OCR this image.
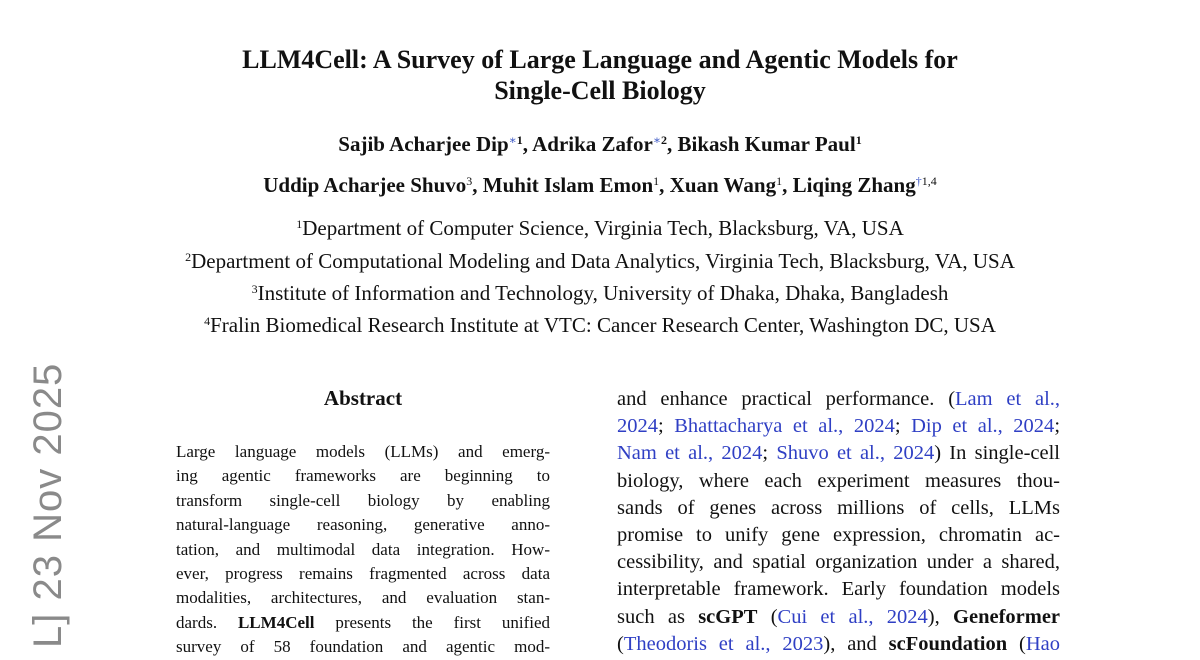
LLM4Cell: A Survey of Large Language and Agentic Models for
Single-Cell Biology
Sajib Acharjee Dip$^{∗1}$, Adrika Zafor$^{∗2}$, Bikash Kumar Paul$^1$
Uddip Acharjee Shuvo$^3$, Muhit Islam Emon$^1$, Xuan Wang$^1$, Liqing Zhang$^{\dagger 1,4}$
$^1$Department of Computer Science, Virginia Tech, Blacksburg, VA, USA
$^2$Department of Computational Modeling and Data Analytics, Virginia Tech, Blacksburg, VA, USA
$^3$Institute of Information and Technology, University of Dhaka, Dhaka, Bangladesh
$^4$Fralin Biomedical Research Institute at VTC: Cancer Research Center, Washington DC, USA
L] 23 Nov 2025	Abstract
Large language models (LLMs) and emerg-
ing agentic frameworks are beginning to
transform single-cell biology by enabling
natural-language reasoning, generative anno-
tation, and multimodal data integration. How-
ever, progress remains fragmented across data
modalities, architectures, and evaluation stan-
dards. LLM4Cell presents the first unified
survey of 58 foundation and agentic mod-
and enhance practical performance. (Lam et al.,
2024; Bhattacharya et al., 2024; Dip et al., 2024;
Nam et al., 2024; Shuvo et al., 2024) In single-cell
biology, where each experiment measures thou-
sands of genes across millions of cells, LLMs
promise to unify gene expression, chromatin ac-
cessibility, and spatial organization under a shared,
interpretable framework. Early foundation models
such as scGPT (Cui et al., 2024), Geneformer
(Theodoris et al., 2023), and scFoundation (Hao
